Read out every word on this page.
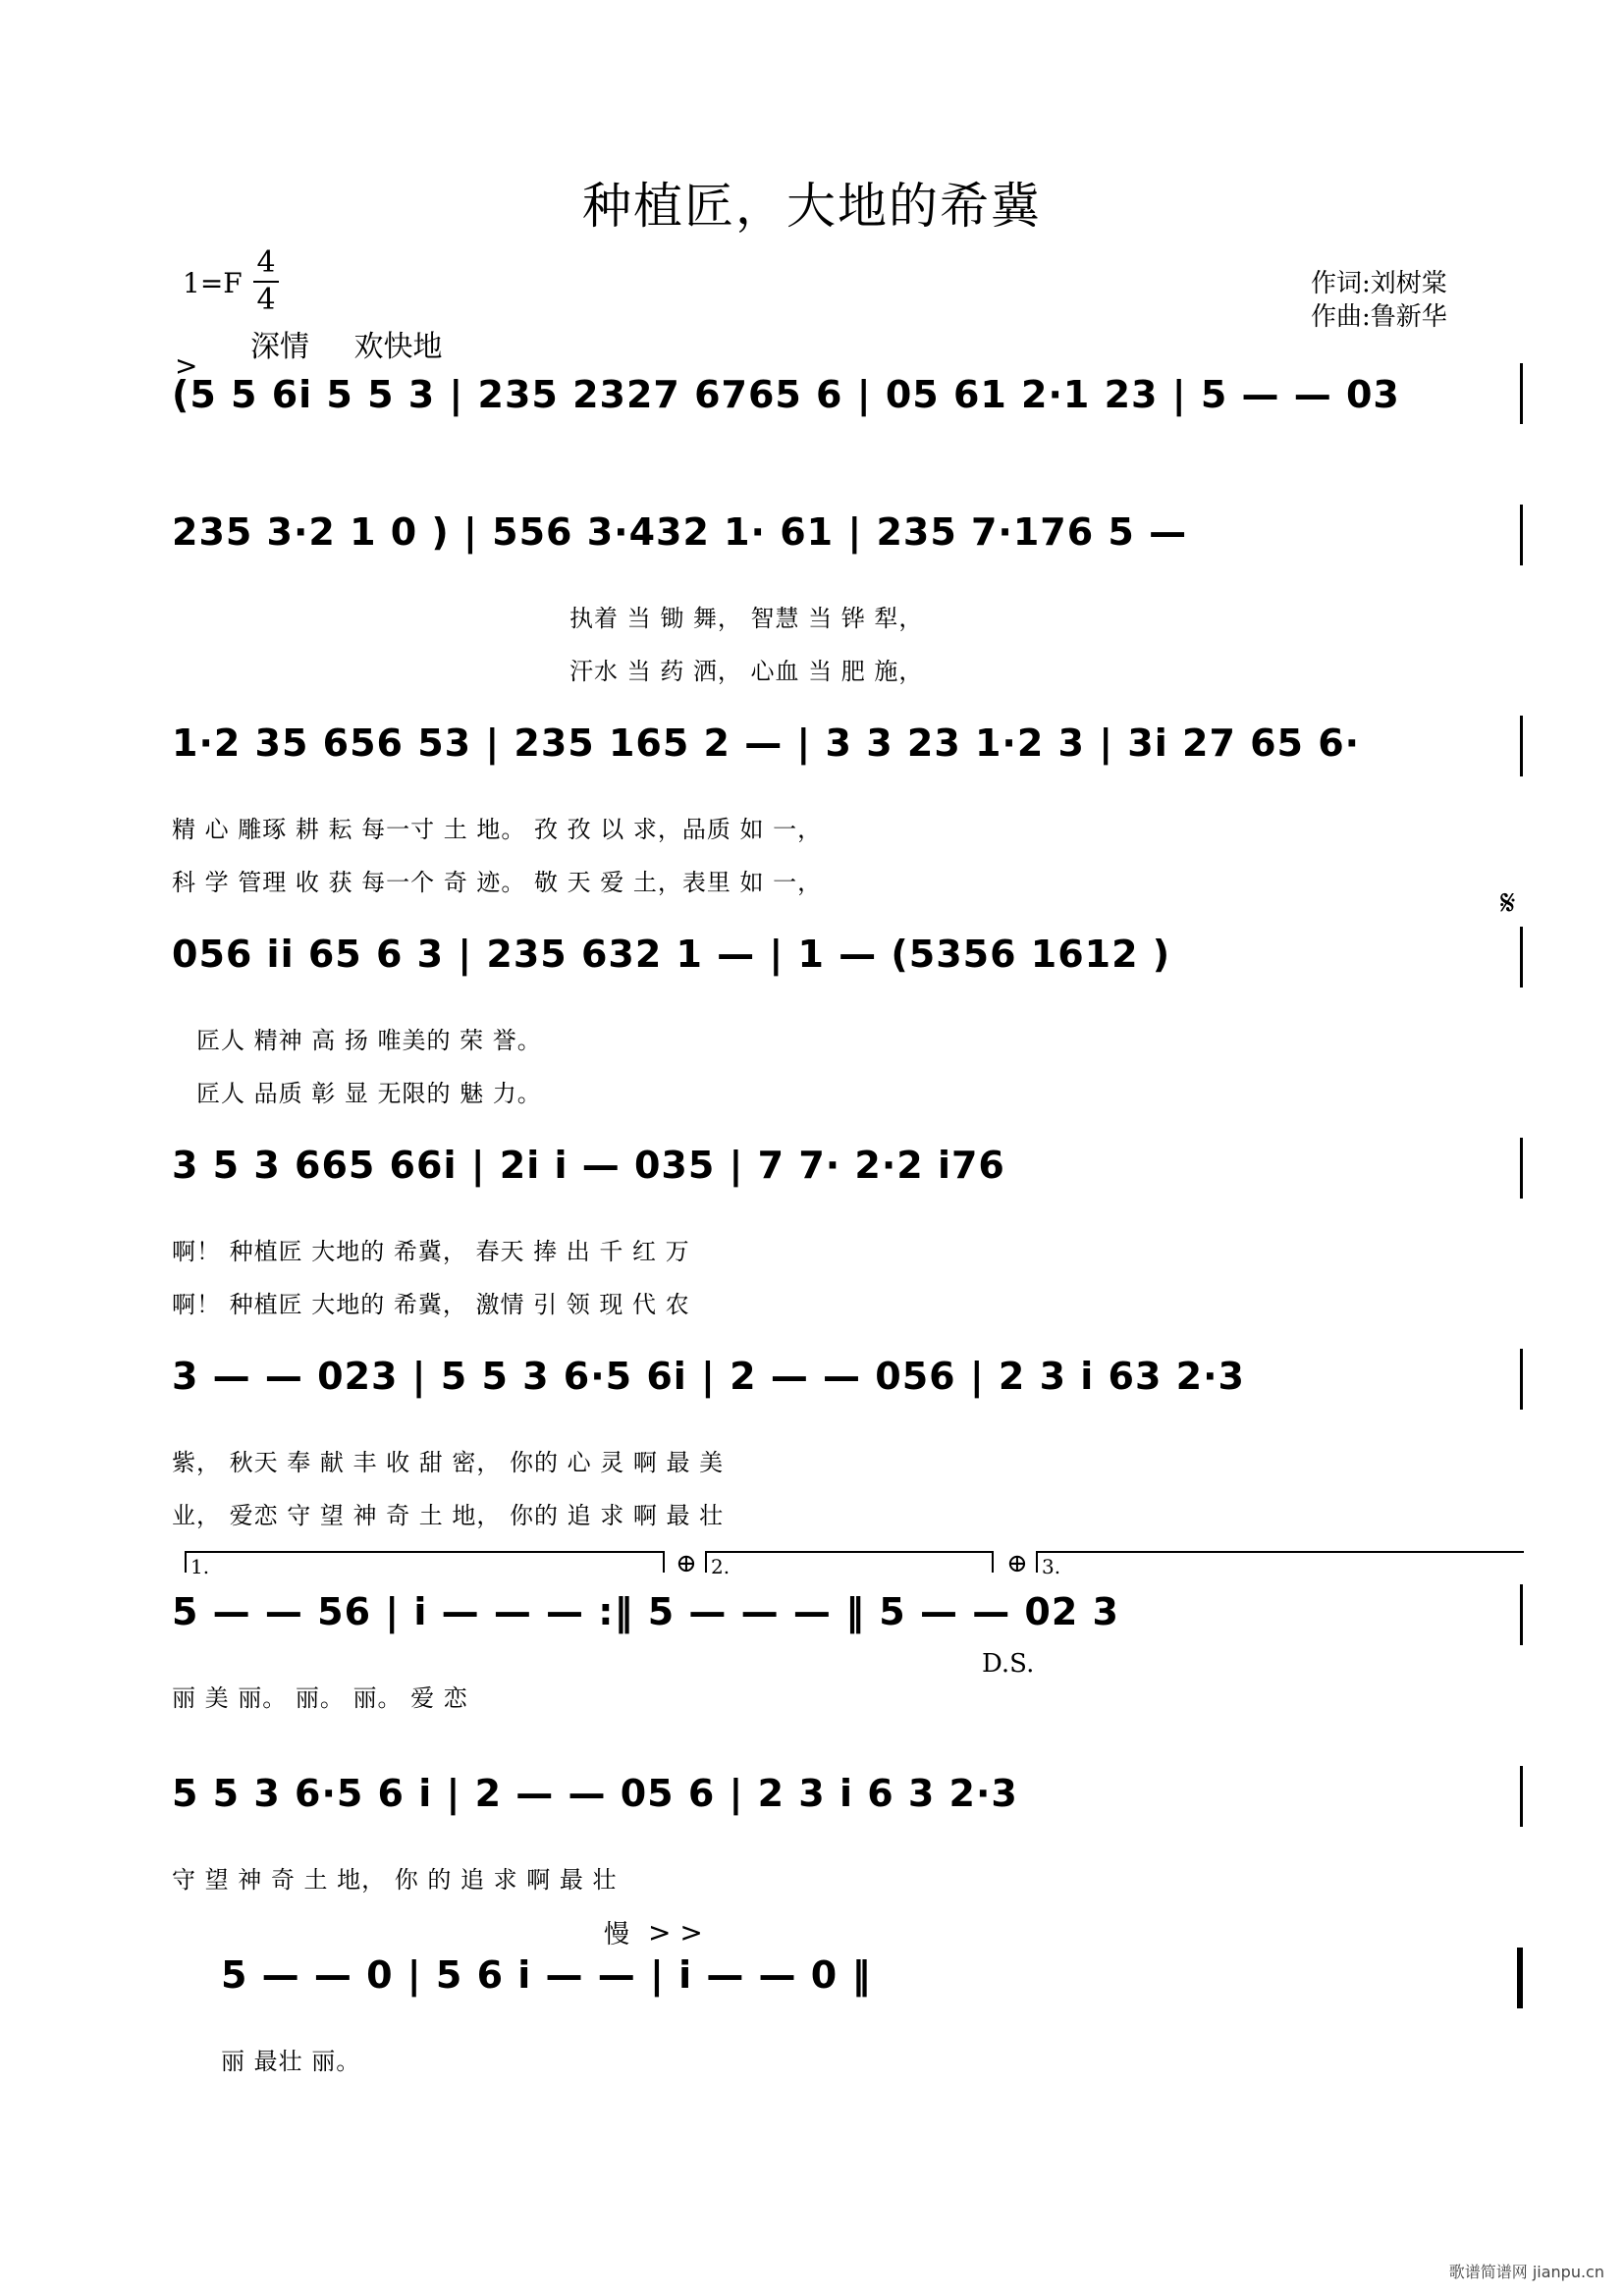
种植匠，大地的希冀
1=F
4
4	作词:刘树棠
作曲:鲁新华
深情 欢快地
>
(5 5 6i 5 5 3 | 235 2327 6765 6 | 05 61 2·1 23 | 5 — — 03
235 3·2 1 0 ) | 556 3·432 1· 61 | 235 7·176 5 —
执着 当 锄 舞， 智慧 当 铧 犁，
汗水 当 药 洒， 心血 当 肥 施，
1·2 35 656 53 | 235 165 2 — | 3 3 23 1·2 3 | 3i 27 65 6·
精 心 雕琢 耕 耘 每一寸 土 地。 孜 孜 以 求，品质 如 一，
科 学 管理 收 获 每一个 奇 迹。 敬 天 爱 土，表里 如 一，
𝄋
056 ii 65 6 3 | 235 632 1 — | 1 — (5356 1612 )
匠人 精神 高 扬 唯美的 荣 誉。
匠人 品质 彰 显 无限的 魅 力。
3 5 3 665 66i | 2i i — 035 | 7 7· 2·2 i76
啊！ 种植匠 大地的 希冀， 春天 捧 出 千 红 万
啊！ 种植匠 大地的 希冀， 激情 引 领 现 代 农
3 — — 023 | 5 5 3 6·5 6i | 2 — — 056 | 2 3 i 63 2·3
紫， 秋天 奉 献 丰 收 甜 密， 你的 心 灵 啊 最 美
业， 爱恋 守 望 神 奇 土 地， 你的 追 求 啊 最 壮
1.	⊕ 2.	⊕ 3.
5 — — 56 | i — — — :‖ 5 — — — ‖ 5 — — 02 3
D.S.
丽 美 丽。 丽。 丽。 爱 恋
5 5 3 6·5 6 i | 2 — — 05 6 | 2 3 i 6 3 2·3
守 望 神 奇 土 地， 你 的 追 求 啊 最 壮
慢 > >
5 — — 0 | 5 6 i — — | i — — 0 ‖
丽 最壮 丽。
歌谱简谱网 jianpu.cn
